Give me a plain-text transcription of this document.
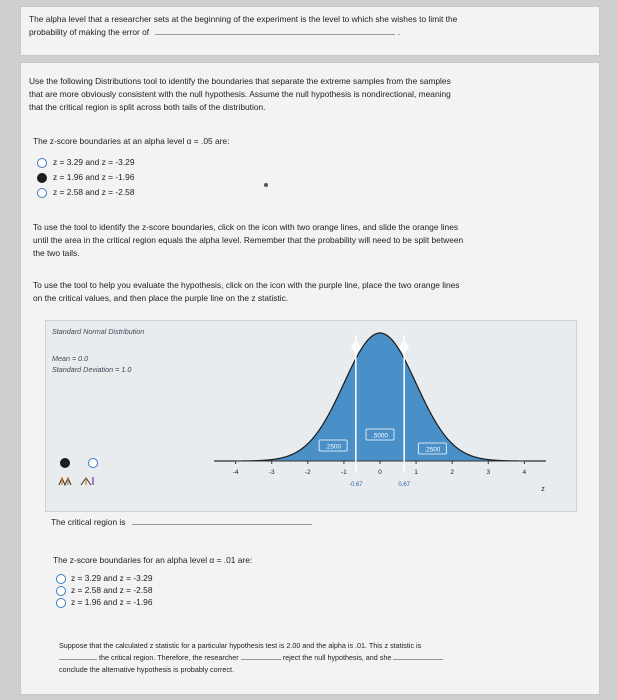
The alpha level that a researcher sets at the beginning of the experiment is the level to which she wishes to limit the
probability of making the error of	.
Use the following Distributions tool to identify the boundaries that separate the extreme samples from the samples
that are more obviously consistent with the null hypothesis. Assume the null hypothesis is nondirectional, meaning
that the critical region is split across both tails of the distribution.
The z-score boundaries at an alpha level α = .05 are:
z = 3.29 and z = -3.29
z = 1.96 and z = -1.96
z = 2.58 and z = -2.58
To use the tool to identify the z-score boundaries, click on the icon with two orange lines, and slide the orange lines
until the area in the critical region equals the alpha level. Remember that the probability will need to be split between
the two tails.
To use the tool to help you evaluate the hypothesis, click on the icon with the purple line, place the two orange lines
on the critical values, and then place the purple line on the z statistic.
-4	-3	-2	-1	0	1	2	3	4
z
.5000
.2500	.2500
-0.67	0.67
Standard Normal Distribution
Mean = 0.0
Standard Deviation = 1.0
The critical region is
The z-score boundaries for an alpha level α = .01 are:
z = 3.29 and z = -3.29
z = 2.58 and z = -2.58
z = 1.96 and z = -1.96
Suppose that the calculated z statistic for a particular hypothesis test is 2.00 and the alpha is .01. This z statistic is
the critical region. Therefore, the researcher	reject the null hypothesis, and she
conclude the alternative hypothesis is probably correct.
